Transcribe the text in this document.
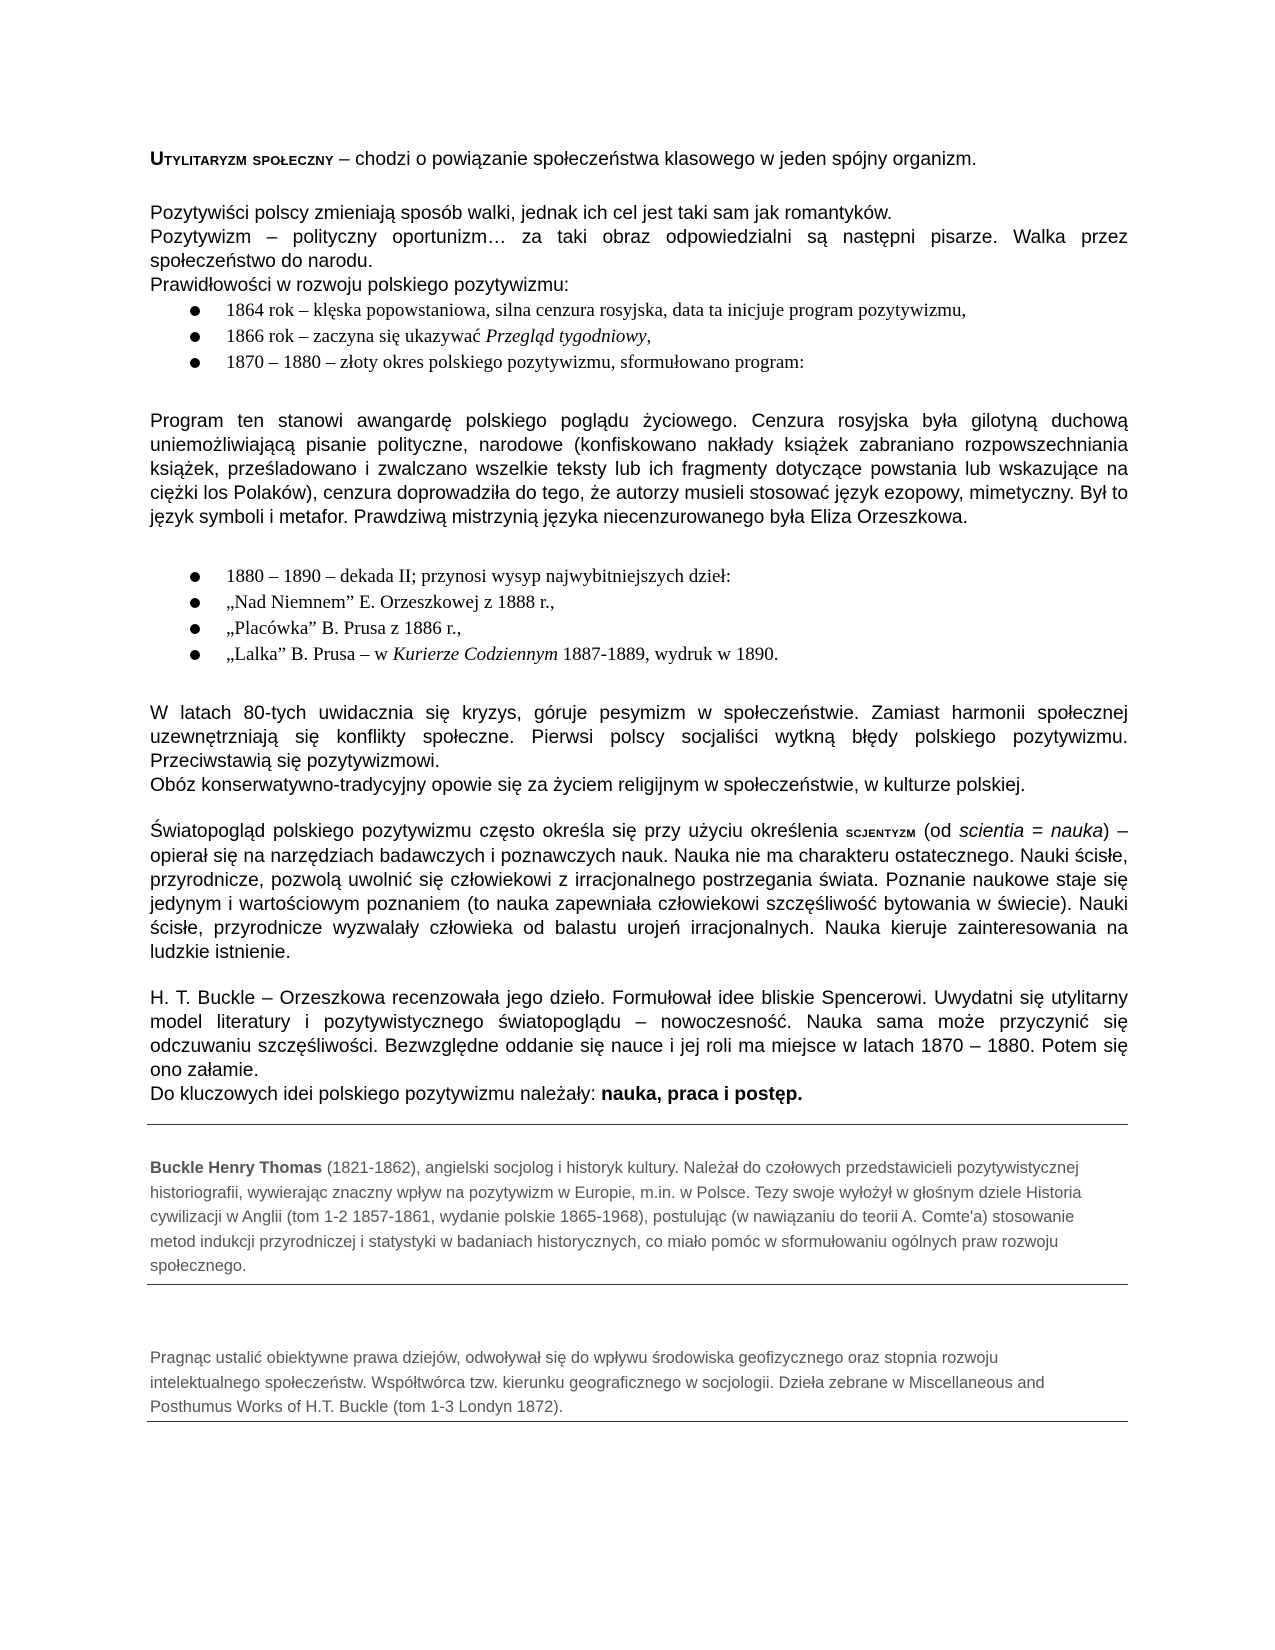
Utylitaryzm społeczny – chodzi o powiązanie społeczeństwa klasowego w jeden spójny organizm.

Pozytywiści polscy zmieniają sposób walki, jednak ich cel jest taki sam jak romantyków.

Pozytywizm – polityczny oportunizm… za taki obraz odpowiedzialni są następni pisarze. Walka przez społeczeństwo do narodu.

Prawidłowości w rozwoju polskiego pozytywizmu:

1864 rok – klęska popowstaniowa, silna cenzura rosyjska, data ta inicjuje program pozytywizmu,
1866 rok – zaczyna się ukazywać Przegląd tygodniowy,
1870 – 1880 – złoty okres polskiego pozytywizmu, sformułowano program:

Program ten stanowi awangardę polskiego poglądu życiowego. Cenzura rosyjska była gilotyną duchową uniemożliwiającą pisanie polityczne, narodowe (konfiskowano nakłady książek zabraniano rozpowszechniania książek, prześladowano i zwalczano wszelkie teksty lub ich fragmenty dotyczące powstania lub wskazujące na ciężki los Polaków), cenzura doprowadziła do tego, że autorzy musieli stosować język ezopowy, mimetyczny. Był to język symboli i metafor. Prawdziwą mistrzynią języka niecenzurowanego była Eliza Orzeszkowa.

1880 – 1890 – dekada II; przynosi wysyp najwybitniejszych dzieł:
„Nad Niemnem” E. Orzeszkowej z 1888 r.,
„Placówka” B. Prusa z 1886 r.,
„Lalka” B. Prusa – w Kurierze Codziennym 1887-1889, wydruk w 1890.

W latach 80-tych uwidacznia się kryzys, góruje pesymizm w społeczeństwie. Zamiast harmonii społecznej uzewnętrzniają się konflikty społeczne. Pierwsi polscy socjaliści wytkną błędy polskiego pozytywizmu. Przeciwstawią się pozytywizmowi.

Obóz konserwatywno-tradycyjny opowie się za życiem religijnym w społeczeństwie, w kulturze polskiej.

Światopogląd polskiego pozytywizmu często określa się przy użyciu określenia scjentyzm (od scientia = nauka) – opierał się na narzędziach badawczych i poznawczych nauk. Nauka nie ma charakteru ostatecznego. Nauki ścisłe, przyrodnicze, pozwolą uwolnić się człowiekowi z irracjonalnego postrzegania świata. Poznanie naukowe staje się jedynym i wartościowym poznaniem (to nauka zapewniała człowiekowi szczęśliwość bytowania w świecie). Nauki ścisłe, przyrodnicze wyzwalały człowieka od balastu urojeń irracjonalnych. Nauka kieruje zainteresowania na ludzkie istnienie.

H. T. Buckle – Orzeszkowa recenzowała jego dzieło. Formułował idee bliskie Spencerowi. Uwydatni się utylitarny model literatury i pozytywistycznego światopoglądu – nowoczesność. Nauka sama może przyczynić się odczuwaniu szczęśliwości. Bezwzględne oddanie się nauce i jej roli ma miejsce w latach 1870 – 1880. Potem się ono załamie.

Do kluczowych idei polskiego pozytywizmu należały: nauka, praca i postęp.

Buckle Henry Thomas (1821-1862), angielski socjolog i historyk kultury. Należał do czołowych przedstawicieli pozytywistycznej historiografii, wywierając znaczny wpływ na pozytywizm w Europie, m.in. w Polsce. Tezy swoje wyłożył w głośnym dziele Historia cywilizacji w Anglii (tom 1-2 1857-1861, wydanie polskie 1865-1968), postulując (w nawiązaniu do teorii A. Comte'a) stosowanie metod indukcji przyrodniczej i statystyki w badaniach historycznych, co miało pomóc w sformułowaniu ogólnych praw rozwoju społecznego.
Pragnąc ustalić obiektywne prawa dziejów, odwoływał się do wpływu środowiska geofizycznego oraz stopnia rozwoju intelektualnego społeczeństw. Współtwórca tzw. kierunku geograficznego w socjologii. Dzieła zebrane w Miscellaneous and Posthumus Works of H.T. Buckle (tom 1-3 Londyn 1872).
